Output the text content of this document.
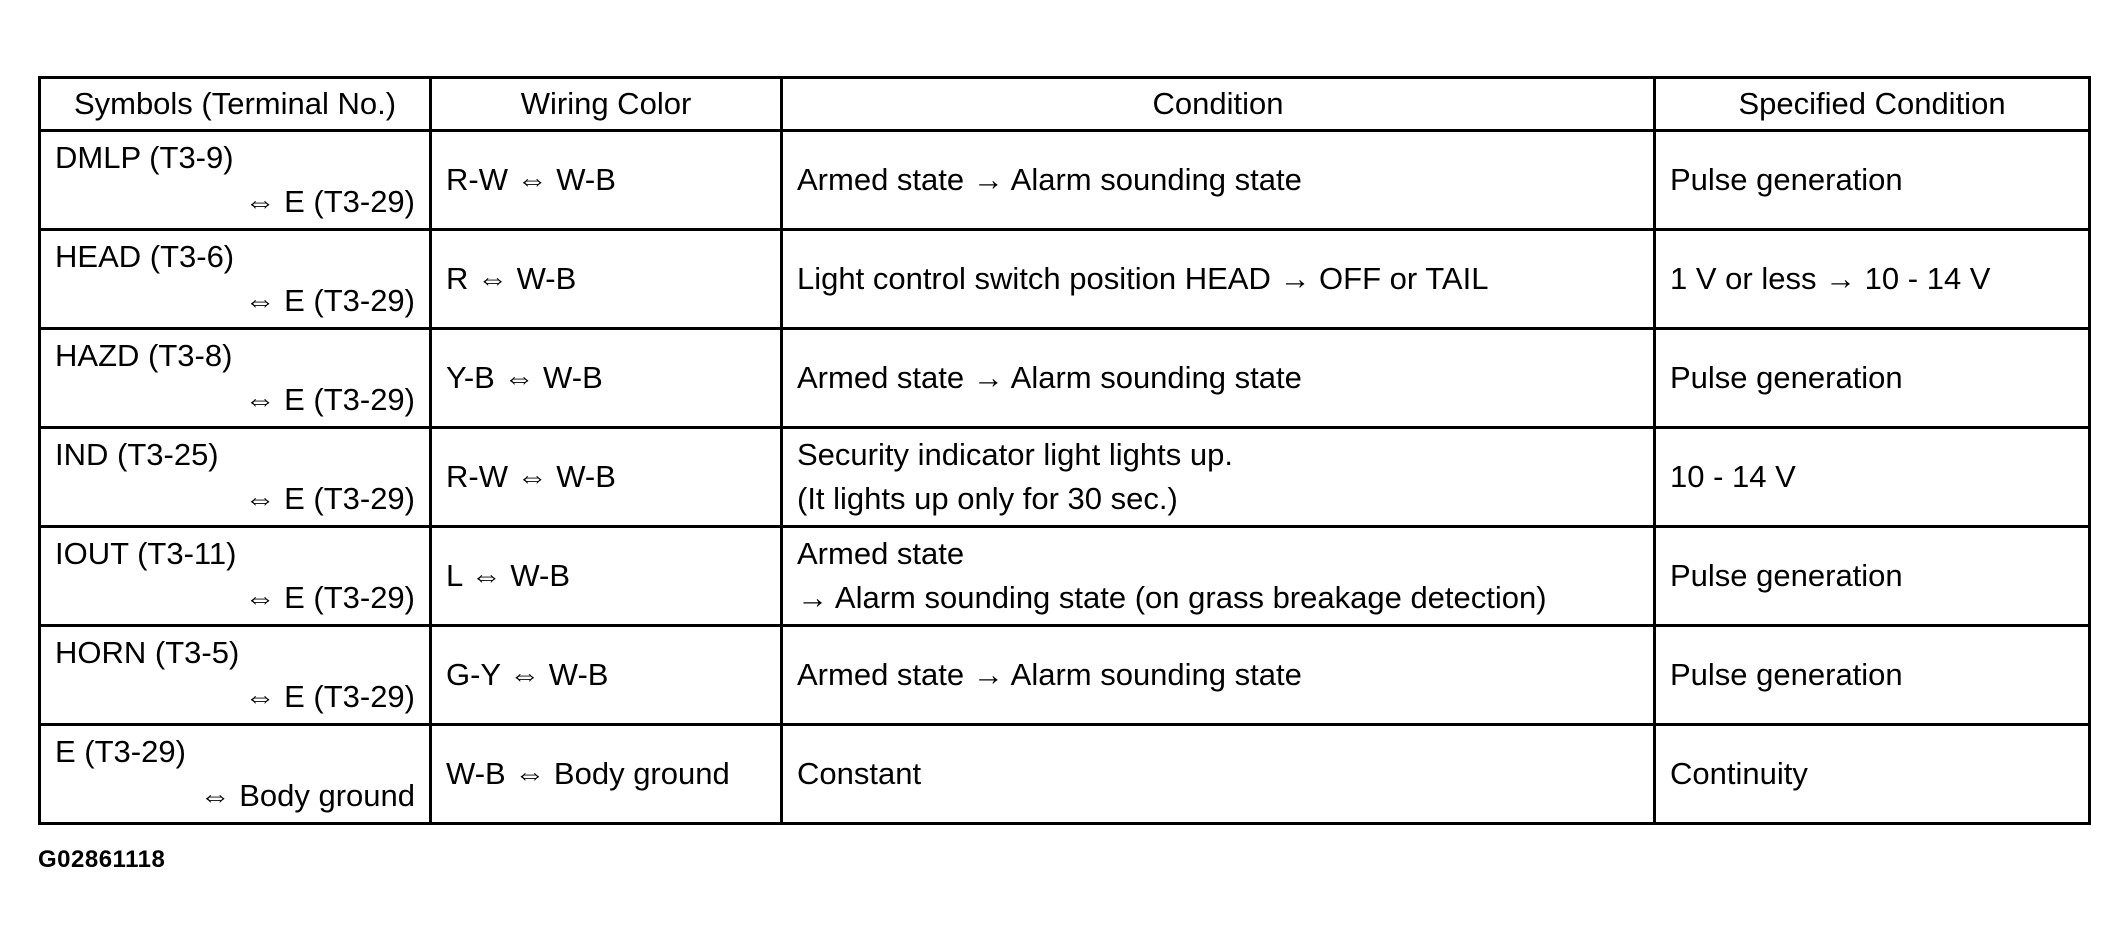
Symbols (Terminal No.)	Wiring Color	Condition	Specified Condition

DMLP (T3-9)
⇔ E (T3-29)	R-W ⇔ W-B	Armed state → Alarm sounding state	Pulse generation

HEAD (T3-6)
⇔ E (T3-29)	R ⇔ W-B	Light control switch position HEAD → OFF or TAIL	1 V or less → 10 - 14 V

HAZD (T3-8)
⇔ E (T3-29)	Y-B ⇔ W-B	Armed state → Alarm sounding state	Pulse generation

IND (T3-25)
⇔ E (T3-29)	R-W ⇔ W-B	Security indicator light lights up.
(It lights up only for 30 sec.)	10 - 14 V

IOUT (T3-11)
⇔ E (T3-29)	L ⇔ W-B	Armed state
→ Alarm sounding state (on grass breakage detection)	Pulse generation

HORN (T3-5)
⇔ E (T3-29)	G-Y ⇔ W-B	Armed state → Alarm sounding state	Pulse generation

E (T3-29)
⇔ Body ground	W-B ⇔ Body ground	Constant	Continuity
G02861118
